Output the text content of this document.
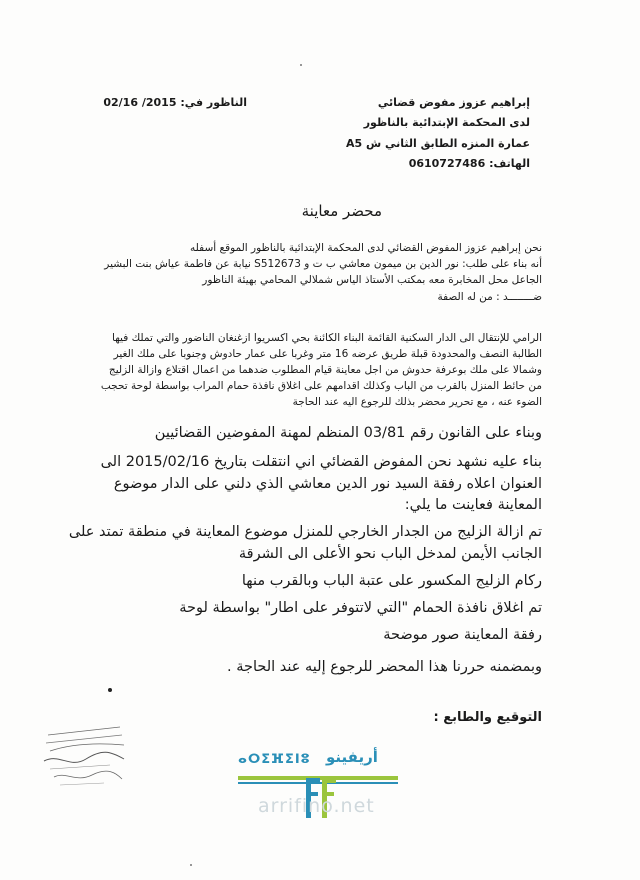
إبراهيم عزوز مفوض قضائي
لدى المحكمة الإبتدائية بالناظور
عمارة المنزه الطابق الثاني ش A5
الهاتف: 0610727486
الناظور في: 2015/ 02/16
محضر معاينة
نحن إبراهيم عزوز المفوض القضائي لدى المحكمة الإبتدائية بالناظور الموقع أسفله
أنه بناء على طلب: نور الدين بن ميمون معاشي ب ت و S512673 نيابة عن فاطمة عياش بنت البشير
الجاعل محل المخابرة معه بمكتب الأستاذ الياس شملالي المحامي بهيئة الناظور
ضــــــــد : من له الصفة
الرامي للإنتقال الى الدار السكنية القائمة البناء الكائنة بحي اكسريوا ازغنغان الناضور والتي تملك فيها
الطالبة النصف والمحدودة قبلة طريق عرضه 16 متر وغربا على عمار حادوش وجنوبا على ملك الغير
وشمالا على ملك بوعرفة حدوش من اجل معاينة قيام المطلوب ضدهما من اعمال اقتلاع وازالة الزليج
من حائط المنزل بالقرب من الباب وكذلك اقدامهم على اغلاق نافذة حمام المراب بواسطة لوحة تحجب
الضوء عنه ، مع تحرير محضر بذلك للرجوع اليه عند الحاجة
وبناء على القانون رقم 03/81 المنظم لمهنة المفوضين القضائيين
بناء عليه نشهد نحن المفوض القضائي اني انتقلت بتاريخ 2015/02/16 الى
العنوان اعلاه رفقة السيد نور الدين معاشي الذي دلني على الدار موضوع
المعاينة فعاينت ما يلي:
تم ازالة الزليج من الجدار الخارجي للمنزل موضوع المعاينة في منطقة تمتد على
الجانب الأيمن لمدخل الباب نحو الأعلى الى الشرقة
ركام الزليج المكسور على عتبة الباب وبالقرب منها
تم اغلاق نافذة الحمام "التي لاتتوفر على اطار" بواسطة لوحة
رفقة المعاينة صور موضحة
وبمضمنه حررنا هذا المحضر للرجوع إليه عند الحاجة .
التوقيع والطابع :
أريفينو
ⴰⵔⵉⴼⵉⵏⵓ
arrifino.net
